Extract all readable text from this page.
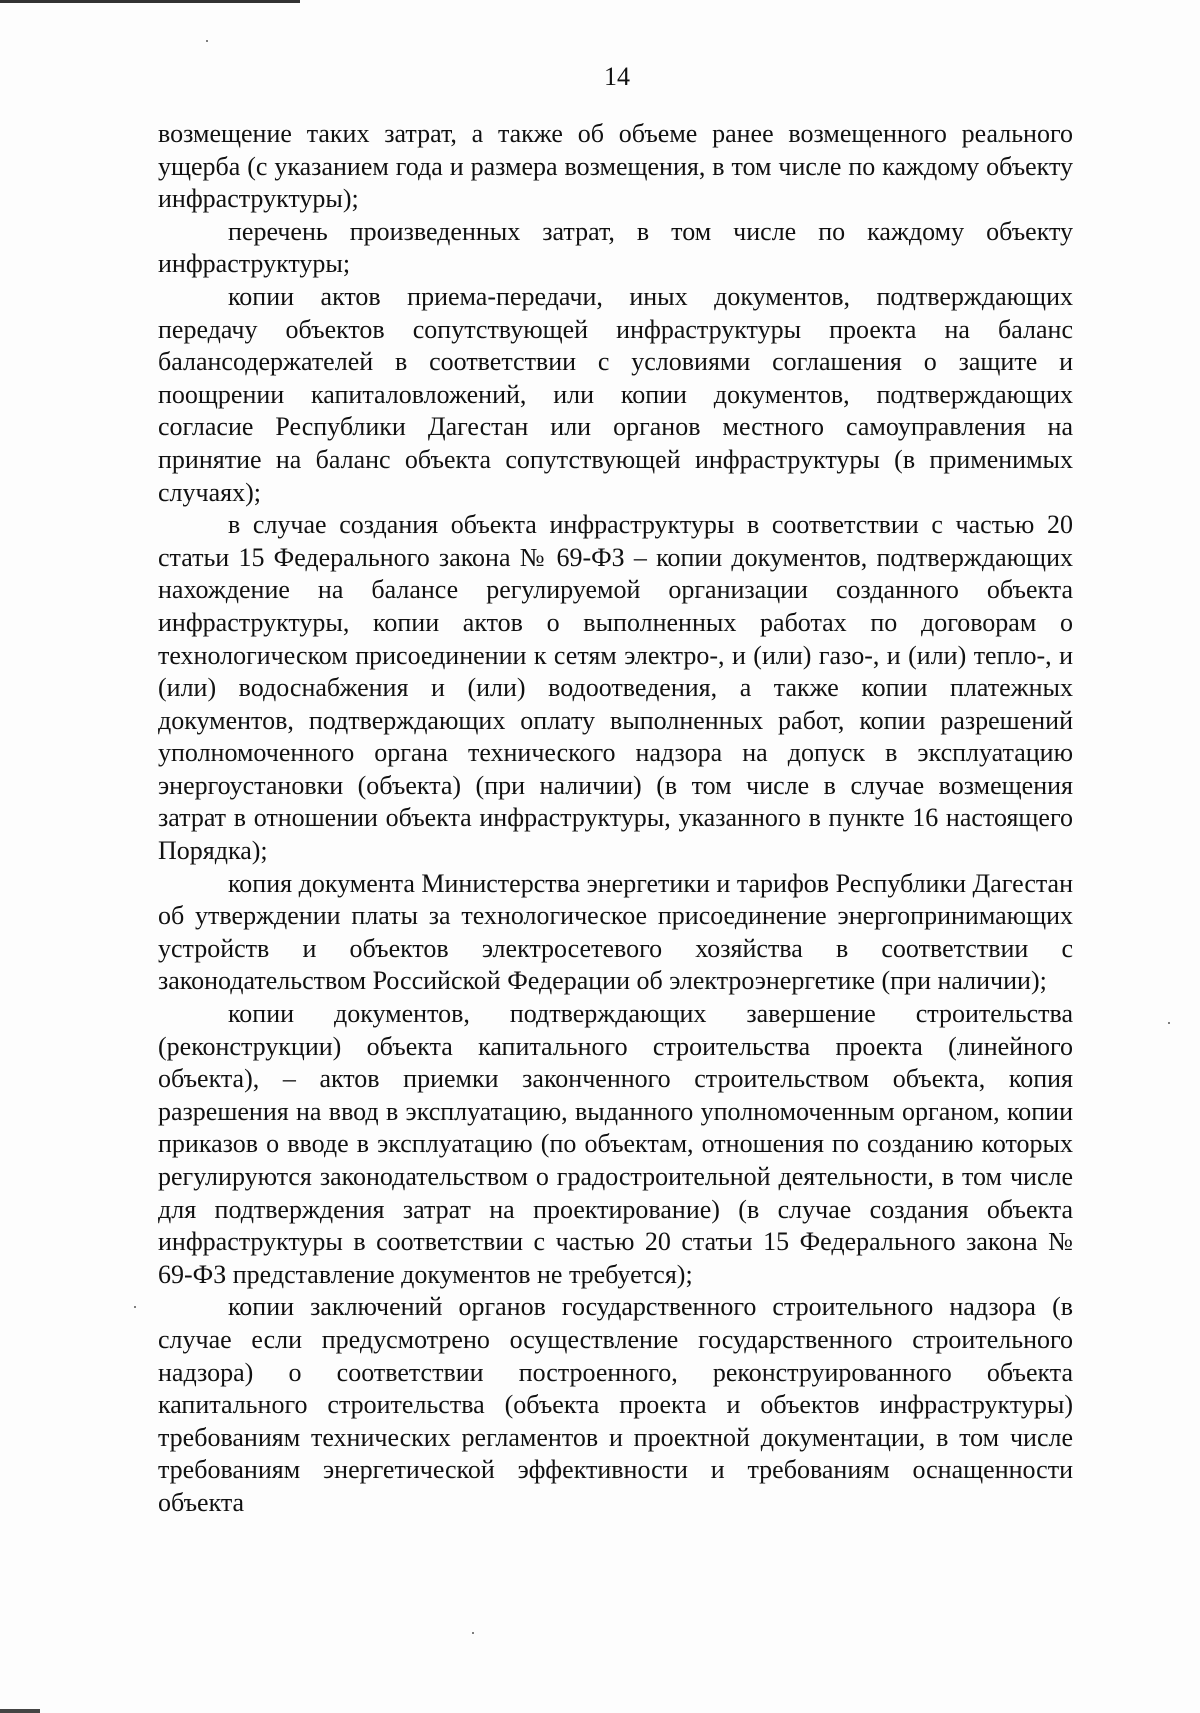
14

возмещение таких затрат, а также об объеме ранее возмещенного реального ущерба (с указанием года и размера возмещения, в том числе по каждому объекту инфраструктуры);

перечень произведенных затрат, в том числе по каждому объекту инфраструктуры;

копии актов приема-передачи, иных документов, подтверждающих передачу объектов сопутствующей инфраструктуры проекта на баланс балансодержателей в соответствии с условиями соглашения о защите и поощрении капиталовложений, или копии документов, подтверждающих согласие Республики Дагестан или органов местного самоуправления на принятие на баланс объекта сопутствующей инфраструктуры (в применимых случаях);

в случае создания объекта инфраструктуры в соответствии с частью 20 статьи 15 Федерального закона № 69-ФЗ – копии документов, подтверждающих нахождение на балансе регулируемой организации созданного объекта инфраструктуры, копии актов о выполненных работах по договорам о технологическом присоединении к сетям электро-, и (или) газо-, и (или) тепло-, и (или) водоснабжения и (или) водоотведения, а также копии платежных документов, подтверждающих оплату выполненных работ, копии разрешений уполномоченного органа технического надзора на допуск в эксплуатацию энергоустановки (объекта) (при наличии) (в том числе в случае возмещения затрат в отношении объекта инфраструктуры, указанного в пункте 16 настоящего Порядка);

копия документа Министерства энергетики и тарифов Республики Дагестан об утверждении платы за технологическое присоединение энергопринимающих устройств и объектов электросетевого хозяйства в соответствии с законодательством Российской Федерации об электроэнергетике (при наличии);

копии документов, подтверждающих завершение строительства (реконструкции) объекта капитального строительства проекта (линейного объекта), – актов приемки законченного строительством объекта, копия разрешения на ввод в эксплуатацию, выданного уполномоченным органом, копии приказов о вводе в эксплуатацию (по объектам, отношения по созданию которых регулируются законодательством о градостроительной деятельности, в том числе для подтверждения затрат на проектирование) (в случае создания объекта инфраструктуры в соответствии с частью 20 статьи 15 Федерального закона № 69-ФЗ представление документов не требуется);

копии заключений органов государственного строительного надзора (в случае если предусмотрено осуществление государственного строительного надзора) о соответствии построенного, реконструированного объекта капитального строительства (объекта проекта и объектов инфраструктуры) требованиям технических регламентов и проектной документации, в том числе требованиям энергетической эффективности и требованиям оснащенности объекта
